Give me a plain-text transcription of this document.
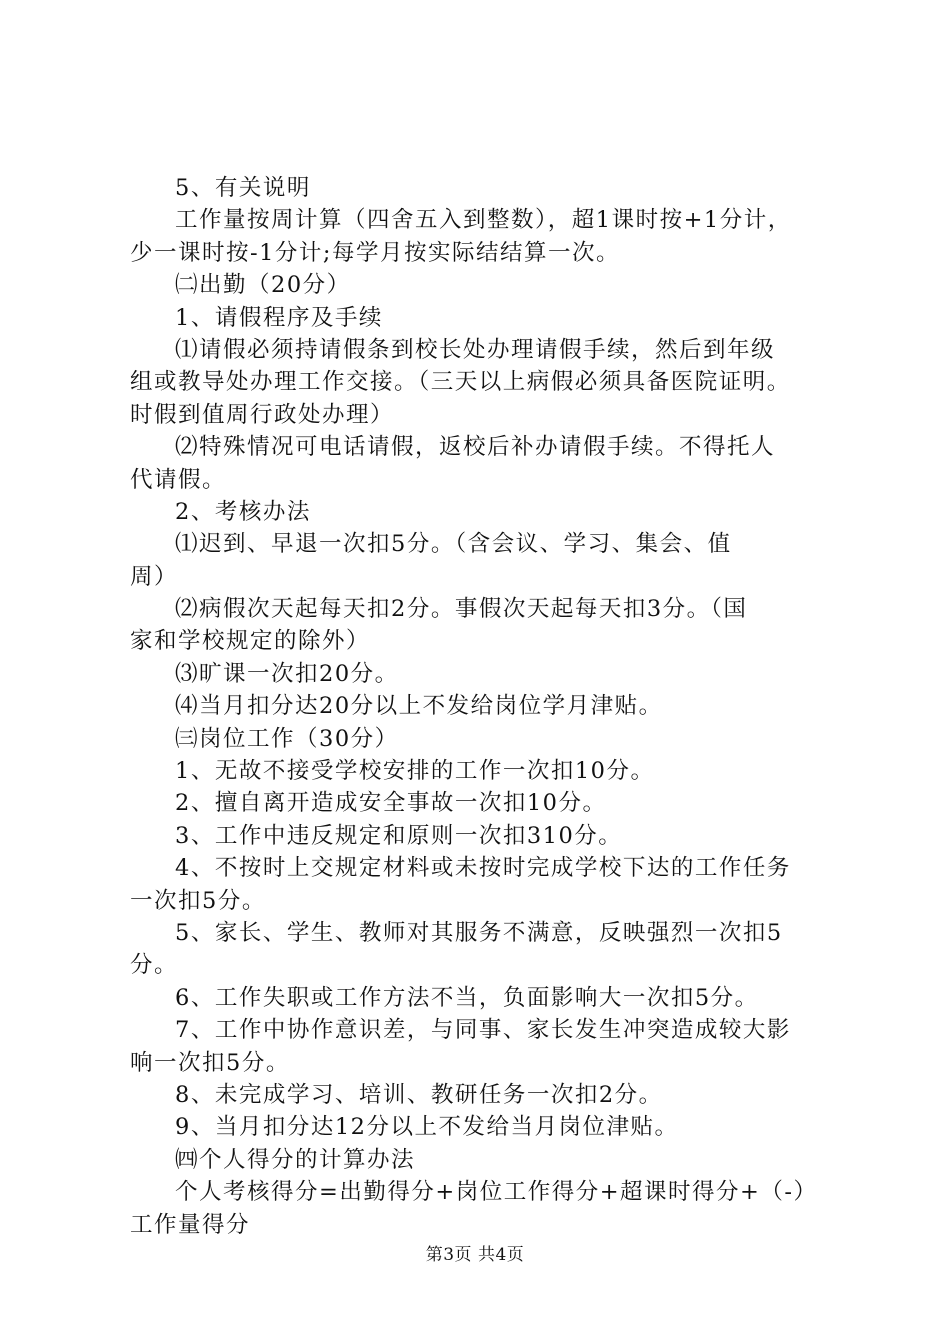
5、有关说明
工作量按周计算（四舍五入到整数），超1课时按+1分计，
少一课时按-1分计;每学月按实际结结算一次。
㈡出勤（20分）
1、请假程序及手续
⑴请假必须持请假条到校长处办理请假手续，然后到年级
组或教导处办理工作交接。（三天以上病假必须具备医院证明。
时假到值周行政处办理）
⑵特殊情况可电话请假，返校后补办请假手续。不得托人
代请假。
2、考核办法
⑴迟到、早退一次扣5分。（含会议、学习、集会、值
周）
⑵病假次天起每天扣2分。事假次天起每天扣3分。（国
家和学校规定的除外）
⑶旷课一次扣20分。
⑷当月扣分达20分以上不发给岗位学月津贴。
㈢岗位工作（30分）
1、无故不接受学校安排的工作一次扣10分。
2、擅自离开造成安全事故一次扣10分。
3、工作中违反规定和原则一次扣310分。
4、不按时上交规定材料或未按时完成学校下达的工作任务
一次扣5分。
5、家长、学生、教师对其服务不满意，反映强烈一次扣5
分。
6、工作失职或工作方法不当，负面影响大一次扣5分。
7、工作中协作意识差，与同事、家长发生冲突造成较大影
响一次扣5分。
8、未完成学习、培训、教研任务一次扣2分。
9、当月扣分达12分以上不发给当月岗位津贴。
㈣个人得分的计算办法
个人考核得分=出勤得分+岗位工作得分+超课时得分+（-）
工作量得分
第3页 共4页
